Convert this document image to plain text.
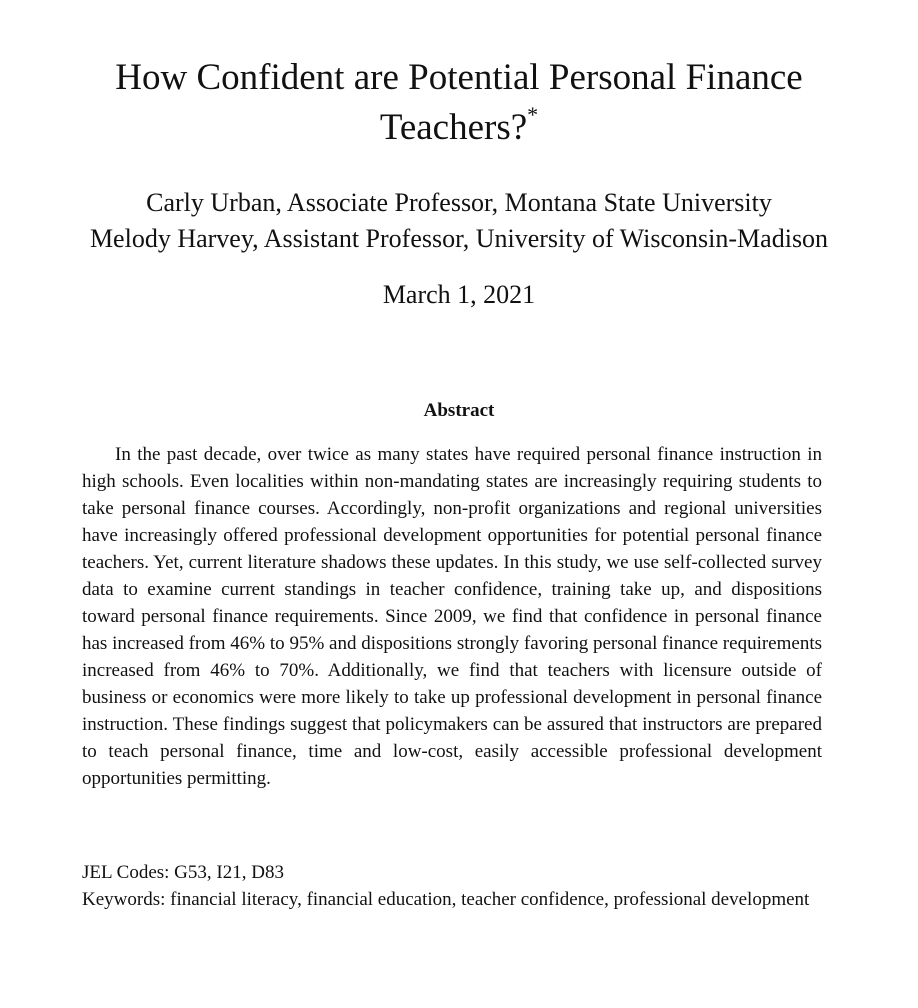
How Confident are Potential Personal Finance
Teachers?*
Carly Urban, Associate Professor, Montana State University
Melody Harvey, Assistant Professor, University of Wisconsin-Madison
March 1, 2021
Abstract

In the past decade, over twice as many states have required personal finance instruction in high schools. Even localities within non-mandating states are increasingly requiring students to take personal finance courses. Accordingly, non-profit organizations and regional universities have increasingly offered professional development opportunities for potential personal finance teachers. Yet, current literature shadows these updates. In this study, we use self-collected survey data to examine current standings in teacher confidence, training take up, and dispositions toward personal finance requirements. Since 2009, we find that confidence in personal finance has increased from 46% to 95% and dispositions strongly favoring personal finance requirements increased from 46% to 70%. Additionally, we find that teachers with licensure outside of business or economics were more likely to take up professional development in personal finance instruction. These findings suggest that policymakers can be assured that instructors are prepared to teach personal finance, time and low-cost, easily accessible professional development opportunities permitting.

JEL Codes: G53, I21, D83
Keywords: financial literacy, financial education, teacher confidence, professional development
